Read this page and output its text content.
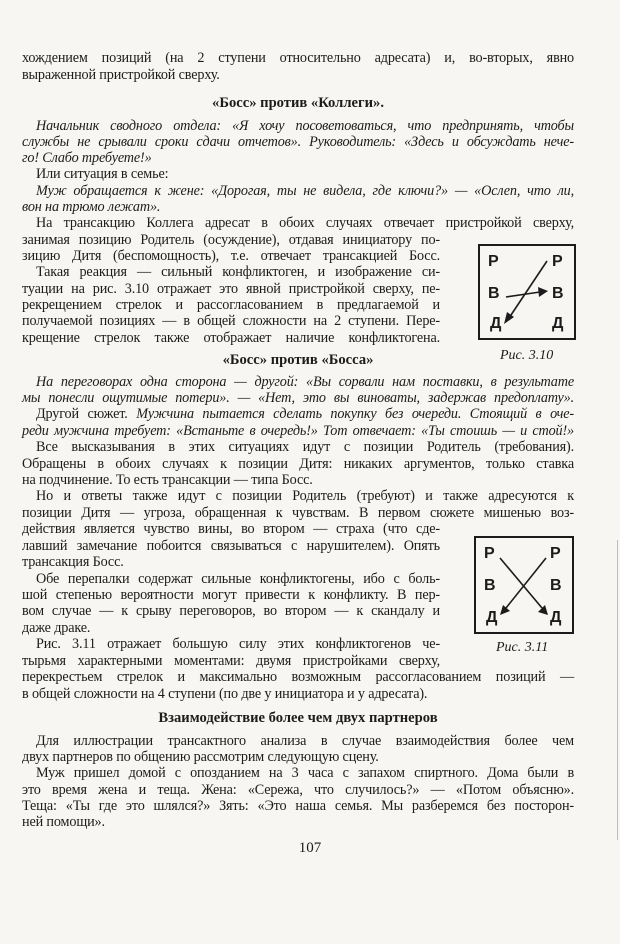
хождением позиций (на 2 ступени относительно адресата) и, во-вторых, явно
выраженной пристройкой сверху.
«Босс» против «Коллеги».
Начальник сводного отдела: «Я хочу посоветоваться, что предпринять, чтобы
службы не срывали сроки сдачи отчетов». Руководитель: «Здесь и обсуждать нече-
го! Слабо требуете!»
Или ситуация в семье:
Муж обращается к жене: «Дорогая, ты не видела, где ключи?» — «Ослеп, что ли,
вон на трюмо лежат».
На трансакцию Коллега адресат в обоих случаях отвечает пристройкой сверху,
занимая позицию Родитель (осуждение), отдавая инициатору по-
зицию Дитя (беспомощность), т.е. отвечает трансакцией Босс.
Такая реакция — сильный конфликтоген, и изображение си-
туации на рис. 3.10 отражает это явной пристройкой сверху, пе-
рекрещением стрелок и рассогласованием в предлагаемой и
получаемой позициях — в общей сложности на 2 ступени. Пере-
крещение стрелок также отображает наличие конфликтогена.
Р
В
Д
Р
В
Д
Рис. 3.10
«Босс» против «Босса»
На переговорах одна сторона — другой: «Вы сорвали нам поставки, в результате
мы понесли ощутимые потери». — «Нет, это вы виноваты, задержав предоплату».
Другой сюжет. Мужчина пытается сделать покупку без очереди. Стоящий в оче-
реди мужчина требует: «Встаньте в очередь!» Тот отвечает: «Ты стоишь — и стой!»
Все высказывания в этих ситуациях идут с позиции Родитель (требования).
Обращены в обоих случаях к позиции Дитя: никаких аргументов, только ставка
на подчинение. То есть трансакции — типа Босс.
Но и ответы также идут с позиции Родитель (требуют) и также адресуются к
позиции Дитя — угроза, обращенная к чувствам. В первом сюжете мишенью воз-
действия является чувство вины, во втором — страха (что сде-
лавший замечание побоится связываться с нарушителем). Опять
трансакция Босс.
Обе перепалки содержат сильные конфликтогены, ибо с боль-
шой степенью вероятности могут привести к конфликту. В пер-
вом случае — к срыву переговоров, во втором — к скандалу и
даже драке.
Р
В
Д
Р
В
Д
Рис. 3.11
Рис. 3.11 отражает большую силу этих конфликтогенов че-
тырьмя характерными моментами: двумя пристройками сверху,
перекрестьем стрелок и максимально возможным рассогласованием позиций —
в общей сложности на 4 ступени (по две у инициатора и у адресата).
Взаимодействие более чем двух партнеров
Для иллюстрации трансактного анализа в случае взаимодействия более чем
двух партнеров по общению рассмотрим следующую сцену.
Муж пришел домой с опозданием на 3 часа с запахом спиртного. Дома были в
это время жена и теща. Жена: «Сережа, что случилось?» — «Потом объясню».
Теща: «Ты где это шлялся?» Зять: «Это наша семья. Мы разберемся без посторон-
ней помощи».
107
